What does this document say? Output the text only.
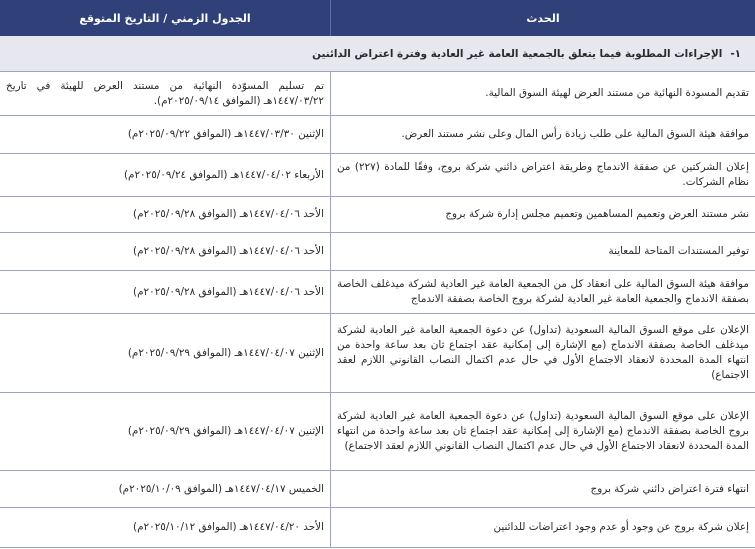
الحدث
الجدول الزمني / التاريخ المتوقع
١-
الإجراءات المطلوبة فيما يتعلق بالجمعية العامة غير العادية وفترة اعتراض الدائنين
تقديم المسودة النهائية من مستند العرض لهيئة السوق المالية.
تم تسليم المسوّدة النهائية من مستند العرض للهيئة في تاريخ ١٤٤٧/٠٣/٢٢هـ (الموافق ٢٠٢٥/٠٩/١٤م).
موافقة هيئة السوق المالية على طلب زيادة رأس المال وعلى نشر مستند العرض.
الإثنين ١٤٤٧/٠٣/٣٠هـ (الموافق ٢٠٢٥/٠٩/٢٢م)
إعلان الشركتين عن صفقة الاندماج وطريقة اعتراض دائني شركة بروج، وفقًا للمادة (٢٢٧) من نظام الشركات.
الأربعاء ١٤٤٧/٠٤/٠٢هـ (الموافق ٢٠٢٥/٠٩/٢٤م)
نشر مستند العرض وتعميم المساهمين وتعميم مجلس إدارة شركة بروج
الأحد ١٤٤٧/٠٤/٠٦هـ (الموافق ٢٠٢٥/٠٩/٢٨م)
توفير المستندات المتاحة للمعاينة
الأحد ١٤٤٧/٠٤/٠٦هـ (الموافق ٢٠٢٥/٠٩/٢٨م)
موافقة هيئة السوق المالية على انعقاد كل من الجمعية العامة غير العادية لشركة ميدغلف الخاصة بصفقة الاندماج والجمعية العامة غير العادية لشركة بروج الخاصة بصفقة الاندماج
الأحد ١٤٤٧/٠٤/٠٦هـ (الموافق ٢٠٢٥/٠٩/٢٨م)
الإعلان على موقع السوق المالية السعودية (تداول) عن دعوة الجمعية العامة غير العادية لشركة ميدغلف الخاصة بصفقة الاندماج (مع الإشارة إلى إمكانية عقد اجتماع ثان بعد ساعة واحدة من انتهاء المدة المحددة لانعقاد الاجتماع الأول في حال عدم اكتمال النصاب القانوني اللازم لعقد الاجتماع)
الإثنين ١٤٤٧/٠٤/٠٧هـ (الموافق ٢٠٢٥/٠٩/٢٩م)
الإعلان على موقع السوق المالية السعودية (تداول) عن دعوة الجمعية العامة غير العادية لشركة بروج الخاصة بصفقة الاندماج (مع الإشارة إلى إمكانية عقد اجتماع ثان بعد ساعة واحدة من انتهاء المدة المحددة لانعقاد الاجتماع الأول في حال عدم اكتمال النصاب القانوني اللازم لعقد الاجتماع)
الإثنين ١٤٤٧/٠٤/٠٧هـ (الموافق ٢٠٢٥/٠٩/٢٩م)
انتهاء فترة اعتراض دائني شركة بروج
الخميس ١٤٤٧/٠٤/١٧هـ (الموافق ٢٠٢٥/١٠/٠٩م)
إعلان شركة بروج عن وجود أو عدم وجود اعتراضات للدائنين
الأحد ١٤٤٧/٠٤/٢٠هـ (الموافق ٢٠٢٥/١٠/١٢م)
